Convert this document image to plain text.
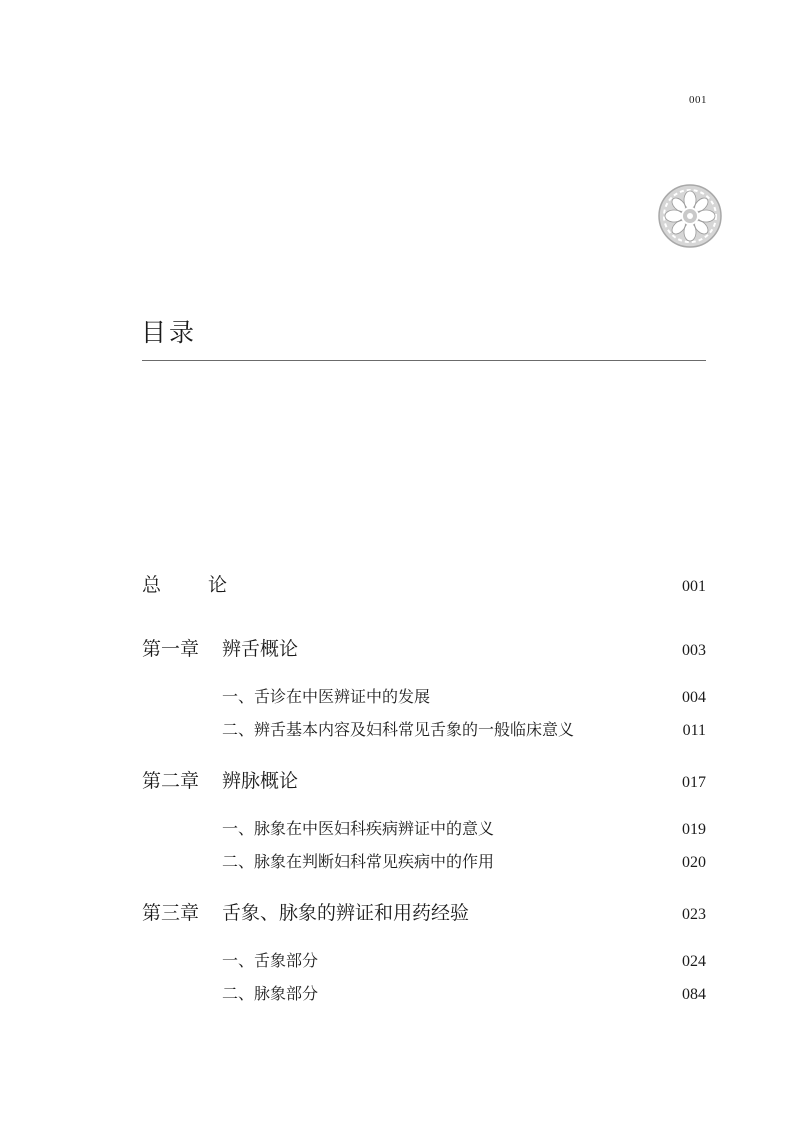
001
目录
总　论	001
第一章	辨舌概论	003
一、舌诊在中医辨证中的发展	004
二、辨舌基本内容及妇科常见舌象的一般临床意义	011
第二章	辨脉概论	017
一、脉象在中医妇科疾病辨证中的意义	019
二、脉象在判断妇科常见疾病中的作用	020
第三章	舌象、脉象的辨证和用药经验	023
一、舌象部分	024
二、脉象部分	084
